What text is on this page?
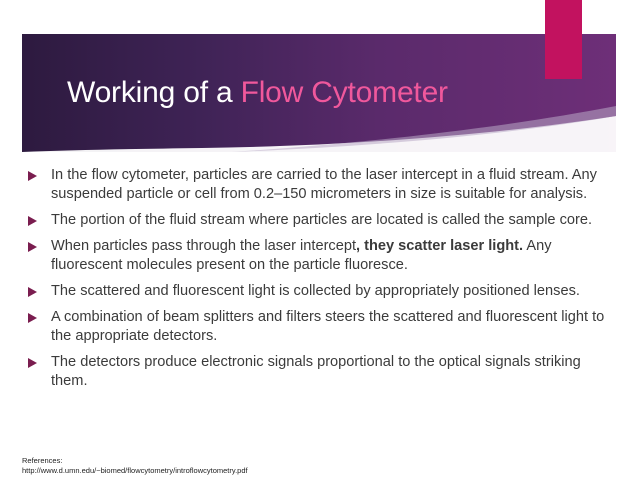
Working of a Flow Cytometer
In the flow cytometer, particles are carried to the laser intercept in a fluid stream. Any suspended particle or cell from 0.2–150 micrometers in size is suitable for analysis.
The portion of the fluid stream where particles are located is called the sample core.
When particles pass through the laser intercept, they scatter laser light. Any fluorescent molecules present on the particle fluoresce.
The scattered and fluorescent light is collected by appropriately positioned lenses.
A combination of beam splitters and filters steers the scattered and fluorescent light to the appropriate detectors.
The detectors produce electronic signals proportional to the optical signals striking them.
References:
http://www.d.umn.edu/~biomed/flowcytometry/introflowcytometry.pdf
